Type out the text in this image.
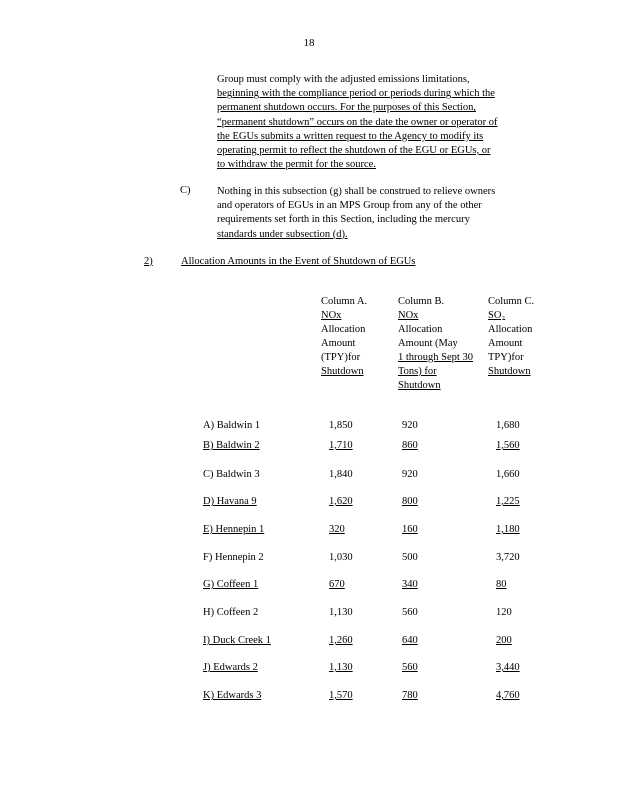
18
Group must comply with the adjusted emissions limitations,
beginning with the compliance period or periods during which the
permanent shutdown occurs. For the purposes of this Section,
“permanent shutdown” occurs on the date the owner or operator of
the EGUs submits a written request to the Agency to modify its
operating permit to reflect the shutdown of the EGU or EGUs, or
to withdraw the permit for the source.
C)	Nothing in this subsection (g) shall be construed to relieve owners
and operators of EGUs in an MPS Group from any of the other
requirements set forth in this Section, including the mercury
standards under subsection (d).
2)	Allocation Amounts in the Event of Shutdown of EGUs
Column A.
NOx
Allocation
Amount
(TPY)for
Shutdown
Column B.
NOx
Allocation
Amount (May
1 through Sept 30
Tons) for
Shutdown
Column C.
SO₂
Allocation
Amount
TPY)for
Shutdown
A) Baldwin 1	1,850	920	1,680
B) Baldwin 2	1,710	860	1,560
C) Baldwin 3	1,840	920	1,660
D) Havana 9	1,620	800	1,225
E) Hennepin 1	320	160	1,180
F) Hennepin 2	1,030	500	3,720
G) Coffeen 1	670	340	80
H) Coffeen 2	1,130	560	120
I) Duck Creek 1	1,260	640	200
J) Edwards 2	1,130	560	3,440
K) Edwards 3	1,570	780	4,760
